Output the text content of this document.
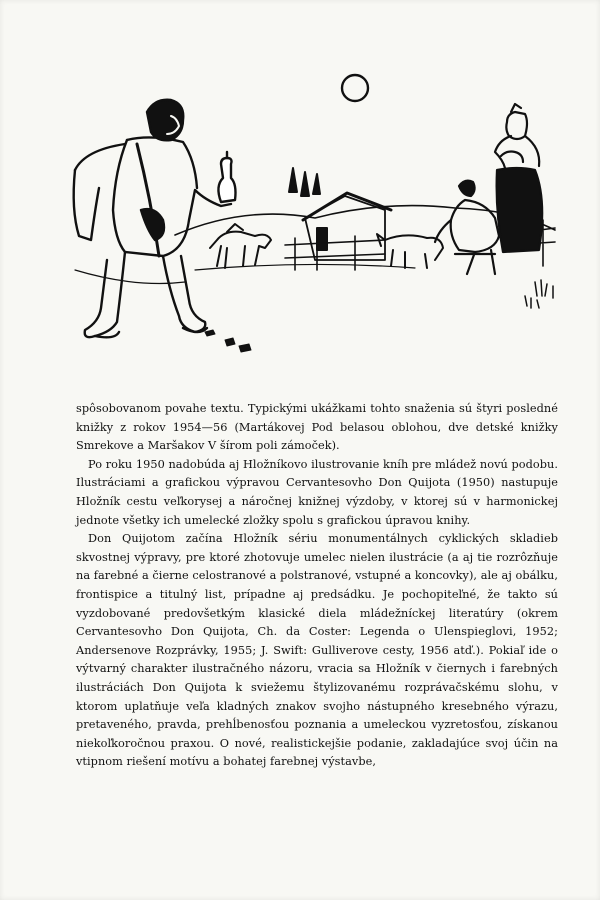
spôsobovanom povahe textu. Typickými ukážkami tohto snaženia sú štyri posledné knižky z rokov 1954—56 (Martákovej Pod belasou oblohou, dve detské knižky Smrekove a Maršakov V šírom poli zámoček).

Po roku 1950 nadobúda aj Hložníkovo ilustrovanie kníh pre mládež novú podobu. Ilustráciami a grafickou výpravou Cervantesovho Don Quijota (1950) nastupuje Hložník cestu veľkorysej a náročnej knižnej výzdoby, v ktorej sú v harmonickej jednote všetky ich umelecké zložky spolu s grafickou úpravou knihy.

Don Quijotom začína Hložník sériu monumentálnych cyklických skladieb skvostnej výpravy, pre ktoré zhotovuje umelec nielen ilustrácie (a aj tie rozrôzňuje na farebné a čierne celostranové a polstranové, vstupné a koncovky), ale aj obálku, frontispice a titulný list, prípadne aj predsádku. Je pochopiteľné, že takto sú vyzdobované predovšetkým klasické diela mládežníckej literatúry (okrem Cervantesovho Don Quijota, Ch. da Coster: Legenda o Ulenspieglovi, 1952; Andersenove Rozprávky, 1955; J. Swift: Gulliverove cesty, 1956 atď.). Pokiaľ ide o výtvarný charakter ilustračného názoru, vracia sa Hložník v čiernych i farebných ilustráciách Don Quijota k sviežemu štylizovanému rozprávačskému slohu, v ktorom uplatňuje veľa kladných znakov svojho nástupného kresebného výrazu, pretaveného, pravda, prehĺbenosťou poznania a umeleckou vyzretosťou, získanou niekoľkoročnou praxou. O nové, realistickejšie podanie, zakladajúce svoj účin na vtipnom riešení motívu a bohatej farebnej výstavbe,
